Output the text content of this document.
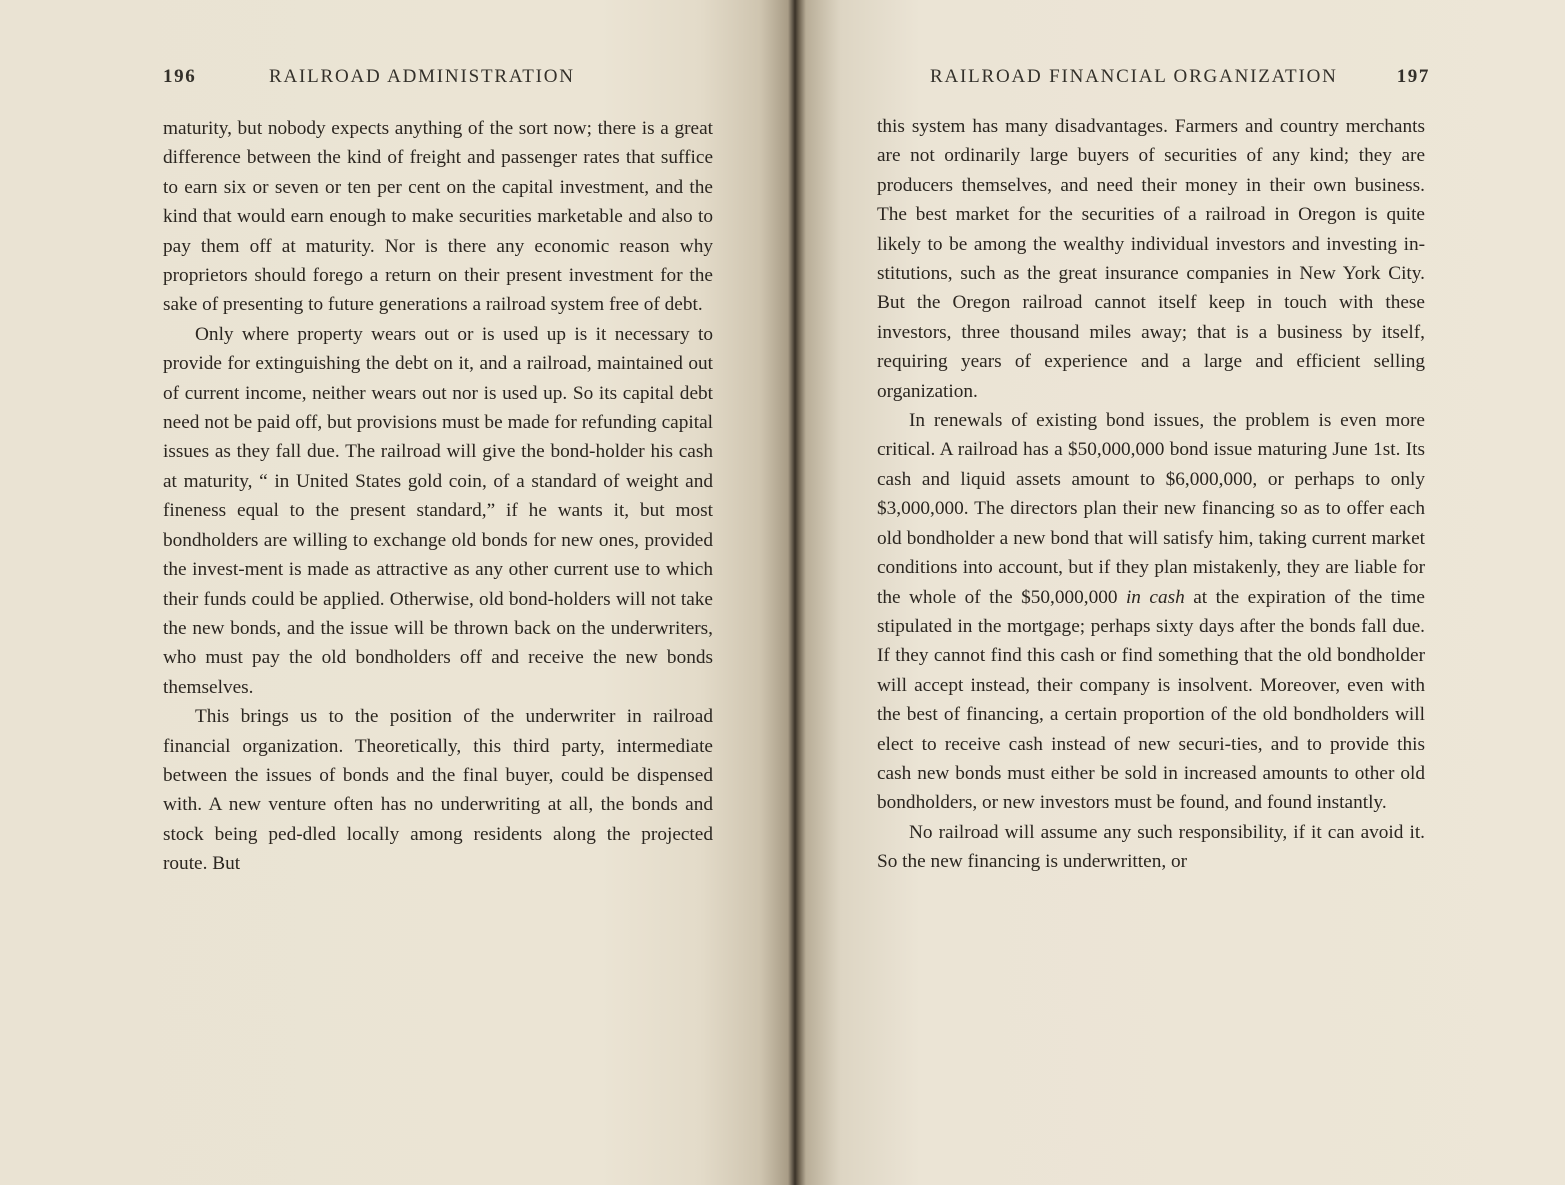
196	RAILROAD ADMINISTRATION

maturity, but nobody expects anything of the sort now; there is a great difference between the kind of freight and passenger rates that suffice to earn six or seven or ten per cent on the capital investment, and the kind that would earn enough to make securities marketable and also to pay them off at maturity. Nor is there any economic reason why proprietors should forego a return on their present investment for the sake of presenting to future generations a railroad system free of debt.

Only where property wears out or is used up is it necessary to provide for extinguishing the debt on it, and a railroad, maintained out of current income, neither wears out nor is used up. So its capital debt need not be paid off, but provisions must be made for refunding capital issues as they fall due. The railroad will give the bond-holder his cash at maturity, “ in United States gold coin, of a standard of weight and fineness equal to the present standard,” if he wants it, but most bondholders are willing to exchange old bonds for new ones, provided the invest-ment is made as attractive as any other current use to which their funds could be applied. Otherwise, old bond-holders will not take the new bonds, and the issue will be thrown back on the underwriters, who must pay the old bondholders off and receive the new bonds themselves.

This brings us to the position of the underwriter in railroad financial organization. Theoretically, this third party, intermediate between the issues of bonds and the final buyer, could be dispensed with. A new venture often has no underwriting at all, the bonds and stock being ped-dled locally among residents along the projected route. But

RAILROAD FINANCIAL ORGANIZATION	197

this system has many disadvantages. Farmers and country merchants are not ordinarily large buyers of securities of any kind; they are producers themselves, and need their money in their own business. The best market for the securities of a railroad in Oregon is quite likely to be among the wealthy individual investors and investing in-stitutions, such as the great insurance companies in New York City. But the Oregon railroad cannot itself keep in touch with these investors, three thousand miles away; that is a business by itself, requiring years of experience and a large and efficient selling organization.

In renewals of existing bond issues, the problem is even more critical. A railroad has a $50,000,000 bond issue maturing June 1st. Its cash and liquid assets amount to $6,000,000, or perhaps to only $3,000,000. The directors plan their new financing so as to offer each old bondholder a new bond that will satisfy him, taking current market conditions into account, but if they plan mistakenly, they are liable for the whole of the $50,000,000 in cash at the expiration of the time stipulated in the mortgage; perhaps sixty days after the bonds fall due. If they cannot find this cash or find something that the old bondholder will accept instead, their company is insolvent. Moreover, even with the best of financing, a certain proportion of the old bondholders will elect to receive cash instead of new securi-ties, and to provide this cash new bonds must either be sold in increased amounts to other old bondholders, or new investors must be found, and found instantly.

No railroad will assume any such responsibility, if it can avoid it. So the new financing is underwritten, or
